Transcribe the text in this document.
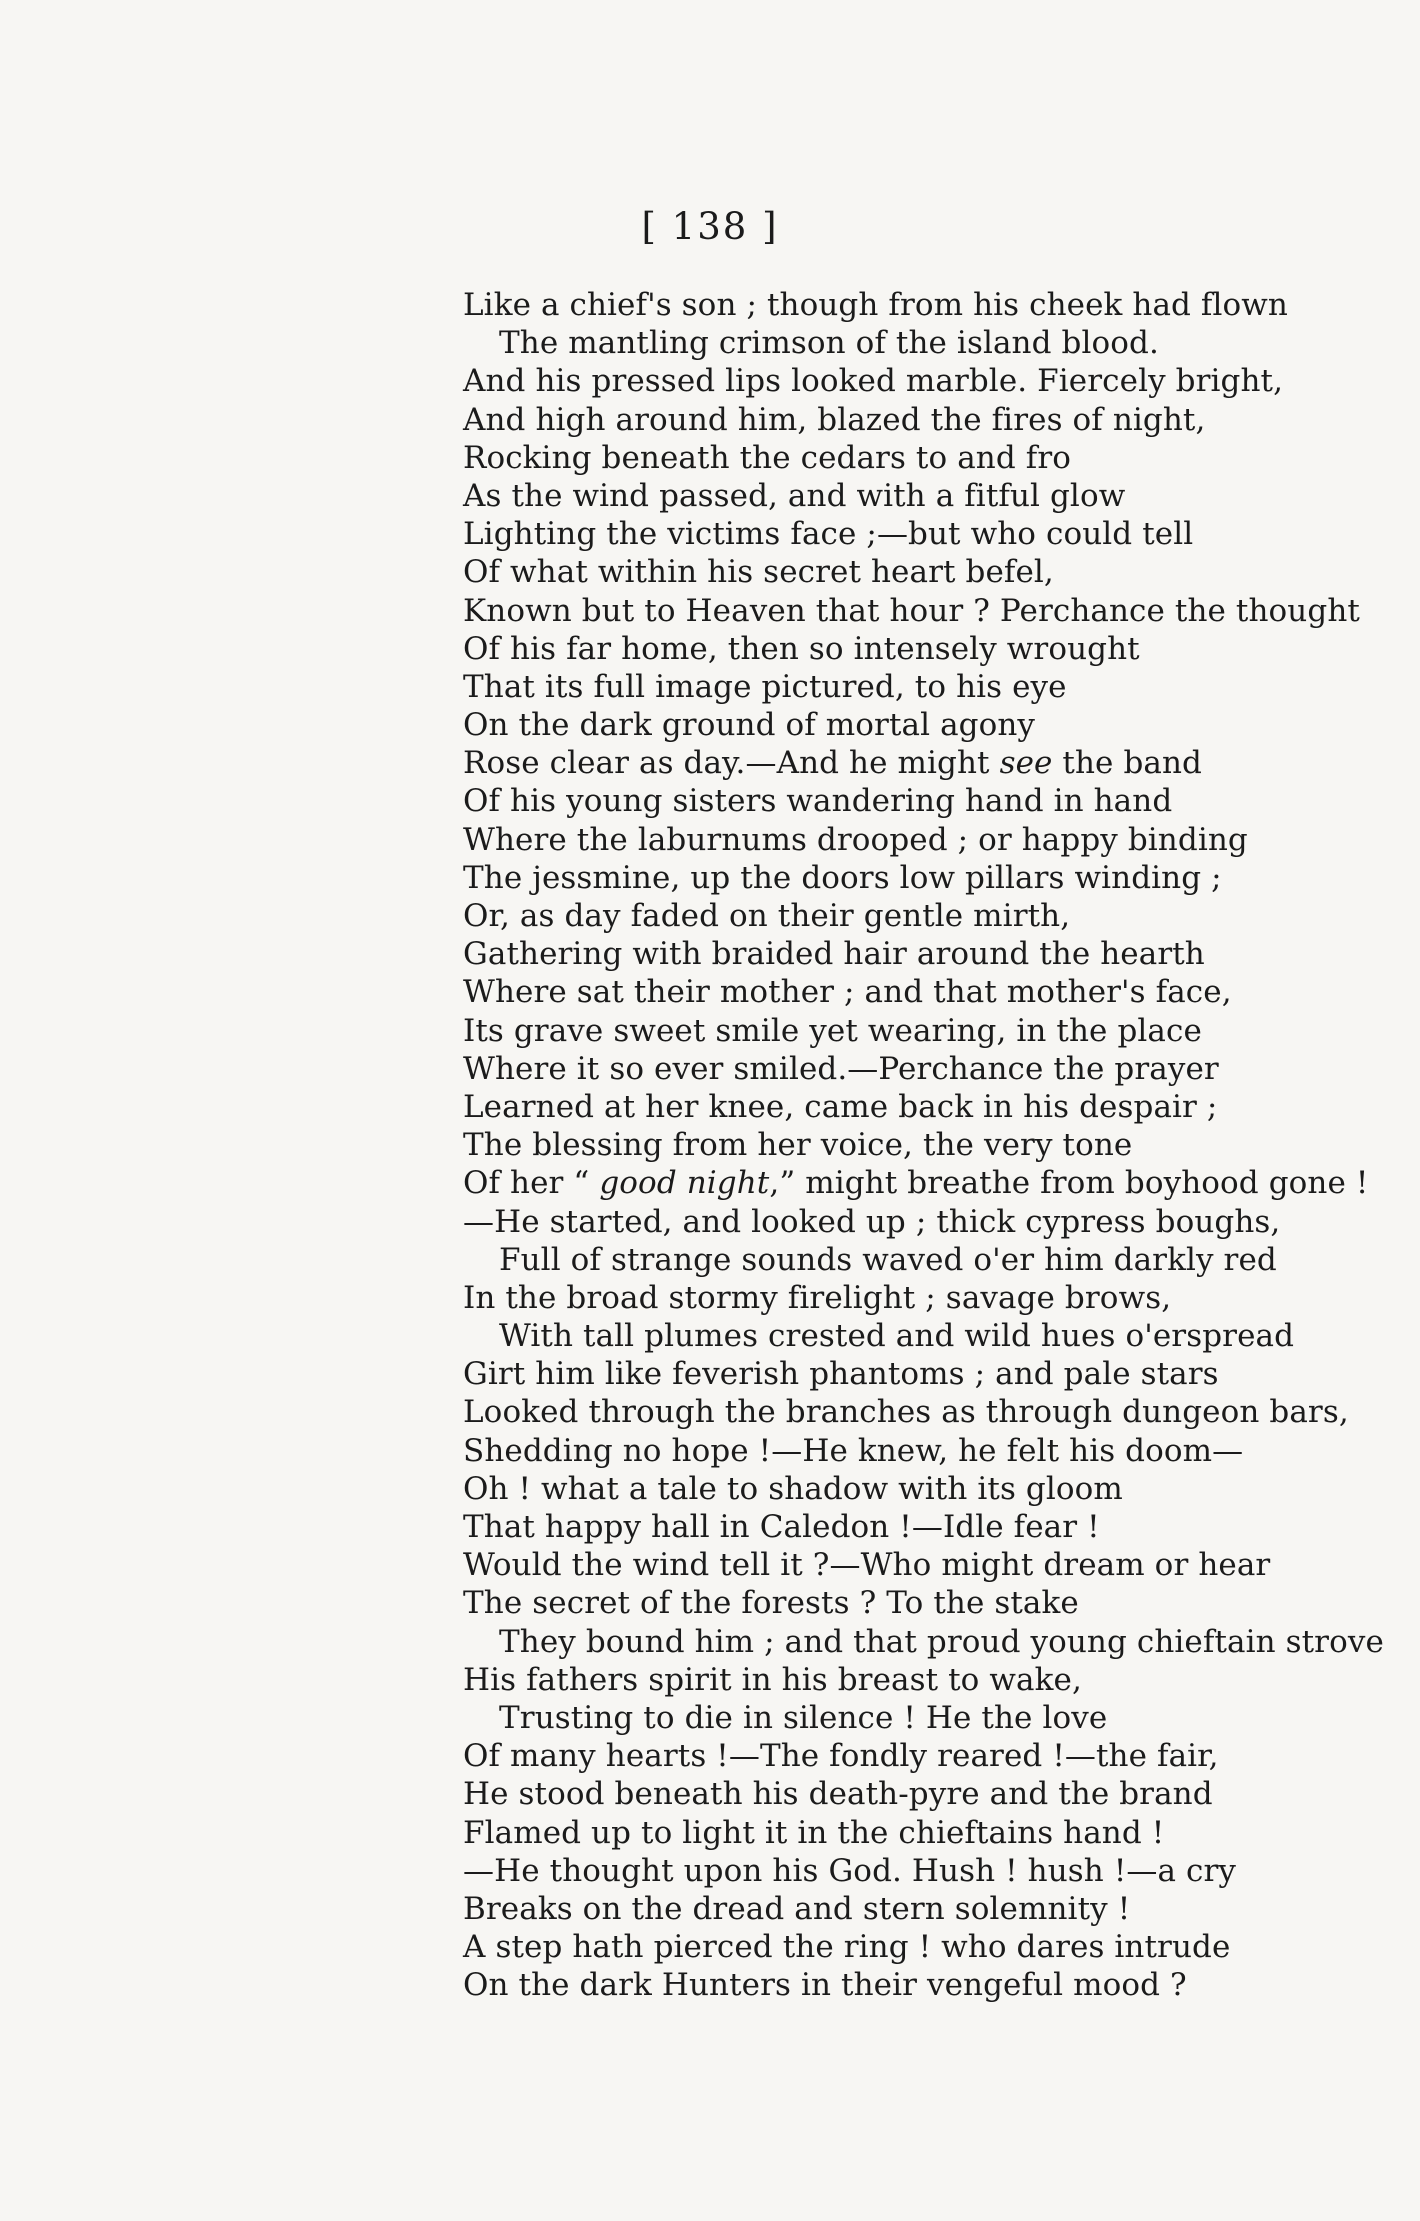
[ 138 ]
Like a chief's son ; though from his cheek had flown
The mantling crimson of the island blood.
And his pressed lips looked marble. Fiercely bright,
And high around him, blazed the fires of night,
Rocking beneath the cedars to and fro
As the wind passed, and with a fitful glow
Lighting the victims face ;—but who could tell
Of what within his secret heart befel,
Known but to Heaven that hour ? Perchance the thought
Of his far home, then so intensely wrought
That its full image pictured, to his eye
On the dark ground of mortal agony
Rose clear as day.—And he might see the band
Of his young sisters wandering hand in hand
Where the laburnums drooped ; or happy binding
The jessmine, up the doors low pillars winding ;
Or, as day faded on their gentle mirth,
Gathering with braided hair around the hearth
Where sat their mother ; and that mother's face,
Its grave sweet smile yet wearing, in the place
Where it so ever smiled.—Perchance the prayer
Learned at her knee, came back in his despair ;
The blessing from her voice, the very tone
Of her “ good night,” might breathe from boyhood gone !
—He started, and looked up ; thick cypress boughs,
Full of strange sounds waved o'er him darkly red
In the broad stormy firelight ; savage brows,
With tall plumes crested and wild hues o'erspread
Girt him like feverish phantoms ; and pale stars
Looked through the branches as through dungeon bars,
Shedding no hope !—He knew, he felt his doom—
Oh ! what a tale to shadow with its gloom
That happy hall in Caledon !—Idle fear !
Would the wind tell it ?—Who might dream or hear
The secret of the forests ? To the stake
They bound him ; and that proud young chieftain strove
His fathers spirit in his breast to wake,
Trusting to die in silence ! He the love
Of many hearts !—The fondly reared !—the fair,
He stood beneath his death-pyre and the brand
Flamed up to light it in the chieftains hand !
—He thought upon his God. Hush ! hush !—a cry
Breaks on the dread and stern solemnity !
A step hath pierced the ring ! who dares intrude
On the dark Hunters in their vengeful mood ?
